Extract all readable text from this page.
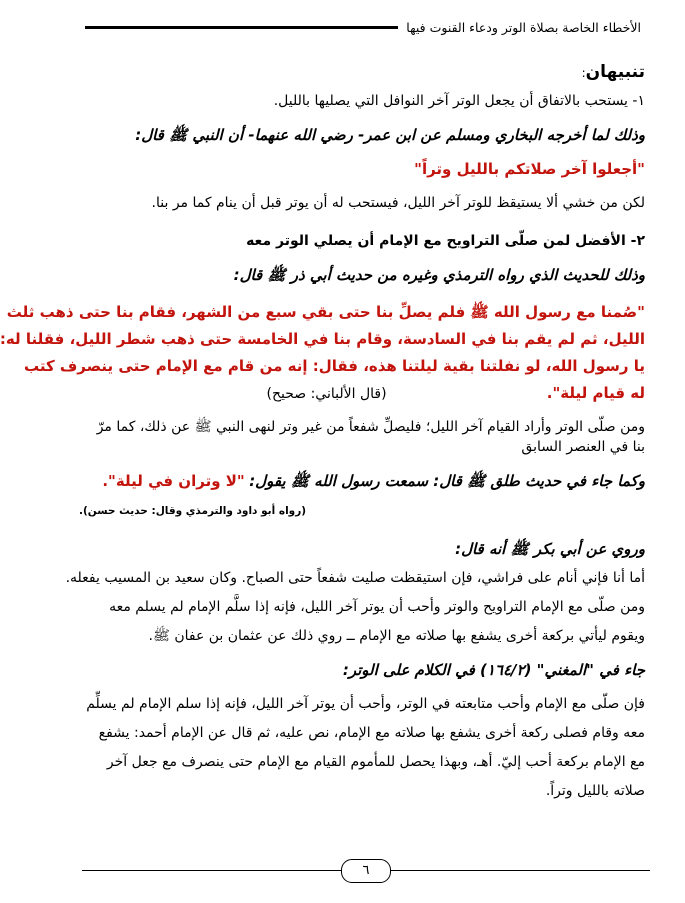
الأخطاء الخاصة بصلاة الوتر ودعاء القنوت فيها

تنبيهان:

١- يستحب بالاتفاق أن يجعل الوتر آخر النوافل التي يصليها بالليل.

وذلك لما أخرجه البخاري ومسلم عن ابن عمر- رضي الله عنهما- أن النبي ﷺ قال:

"أجعلوا آخر صلاتكم بالليل وتراً"

لكن من خشي ألا يستيقظ للوتر آخر الليل، فيستحب له أن يوتر قبل أن ينام كما مر بنا.

٢- الأفضل لمن صلّى التراويح مع الإمام أن يصلي الوتر معه

وذلك للحديث الذي رواه الترمذي وغيره من حديث أبي ذر ﷺ قال:

"صُمنا مع رسول الله ﷺ فلم يصلِّ بنا حتى بقي سبع من الشهر، فقام بنا حتى ذهب ثلث

الليل، ثم لم يقم بنا في السادسة، وقام بنا في الخامسة حتى ذهب شطر الليل، فقلنا له:

يا رسول الله، لو نفلتنا بقية ليلتنا هذه، فقال: إنه من قام مع الإمام حتى ينصرف كتب

له قيام ليلة".                                    (قال الألباني: صحيح)

ومن صلّى الوتر وأراد القيام آخر الليل؛ فليصلِّ شفعاً من غير وتر لنهى النبي ﷺ عن ذلك، كما مرّ

بنا في العنصر السابق

وكما جاء في حديث طلق ﷺ قال: سمعت رسول الله ﷺ يقول: "لا وتران في ليلة".

(رواه أبو داود والترمذي وقال: حديث حسن).

وروي عن أبي بكر ﷺ أنه قال:

أما أنا فإني أنام على فراشي، فإن استيقظت صليت شفعاً حتى الصباح. وكان سعيد بن المسيب يفعله.

ومن صلّى مع الإمام التراويح والوتر وأحب أن يوتر آخر الليل، فإنه إذا سلَّم الإمام لم يسلم معه

ويقوم ليأتي بركعة أخرى يشفع بها صلاته مع الإمام ــ روي ذلك عن عثمان بن عفان ﷺ.

جاء في "المغني" (١٦٤/٢) في الكلام على الوتر:

فإن صلّى مع الإمام وأحب متابعته في الوتر، وأحب أن يوتر آخر الليل، فإنه إذا سلم الإمام لم يسلِّم

معه وقام فصلى ركعة أخرى يشفع بها صلاته مع الإمام، نص عليه، ثم قال عن الإمام أحمد: يشفع

مع الإمام بركعة أحب إليّ. أهـ، وبهذا يحصل للمأموم القيام مع الإمام حتى ينصرف مع جعل آخر

صلاته بالليل وتراً.

٦
